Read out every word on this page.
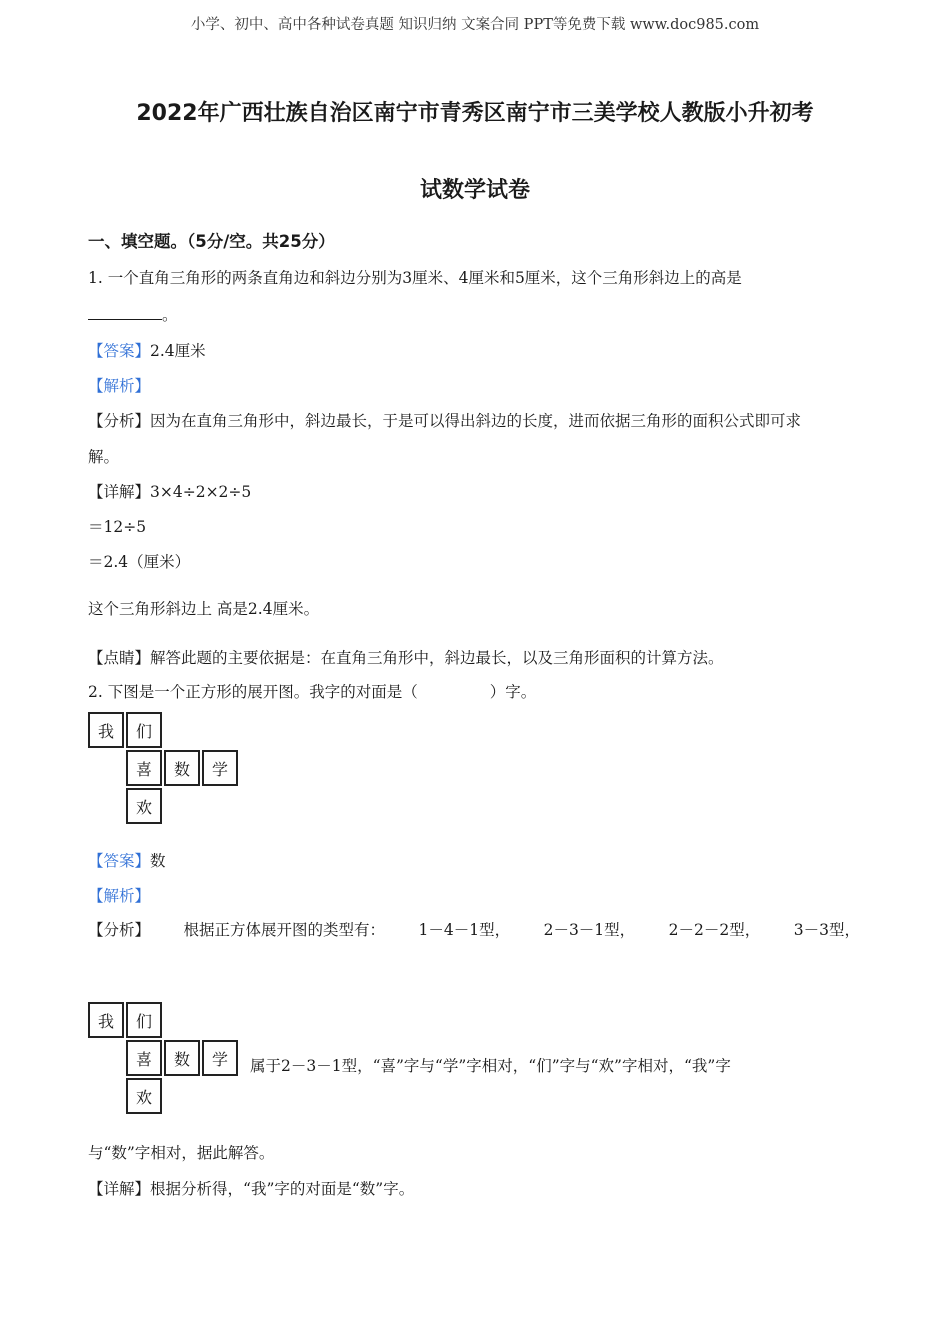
小学、初中、高中各种试卷真题 知识归纳 文案合同 PPT等免费下载 www.doc985.com
2022年广西壮族自治区南宁市青秀区南宁市三美学校人教版小升初考
试数学试卷
一、填空题。（5分/空。共25分）
1. 一个直角三角形的两条直角边和斜边分别为3厘米、4厘米和5厘米，这个三角形斜边上的高是
。
【答案】2.4厘米
【解析】
【分析】因为在直角三角形中，斜边最长，于是可以得出斜边的长度，进而依据三角形的面积公式即可求
解。
【详解】3×4÷2×2÷5
＝12÷5
＝2.4（厘米）
这个三角形斜边上 高是2.4厘米。
【点睛】解答此题的主要依据是：在直角三角形中，斜边最长，以及三角形面积的计算方法。
2. 下图是一个正方形的展开图。我字的对面是（	）字。
我	们
喜	数	学
欢
【答案】数
【解析】
【分析】 根据正方体展开图的类型有： 1－4－1型， 2－3－1型， 2－2－2型， 3－3型，
我	们
喜	数	学
欢
属于2－3－1型，“喜”字与“学”字相对，“们”字与“欢”字相对，“我”字
与“数”字相对，据此解答。
【详解】根据分析得，“我”字的对面是“数”字。
